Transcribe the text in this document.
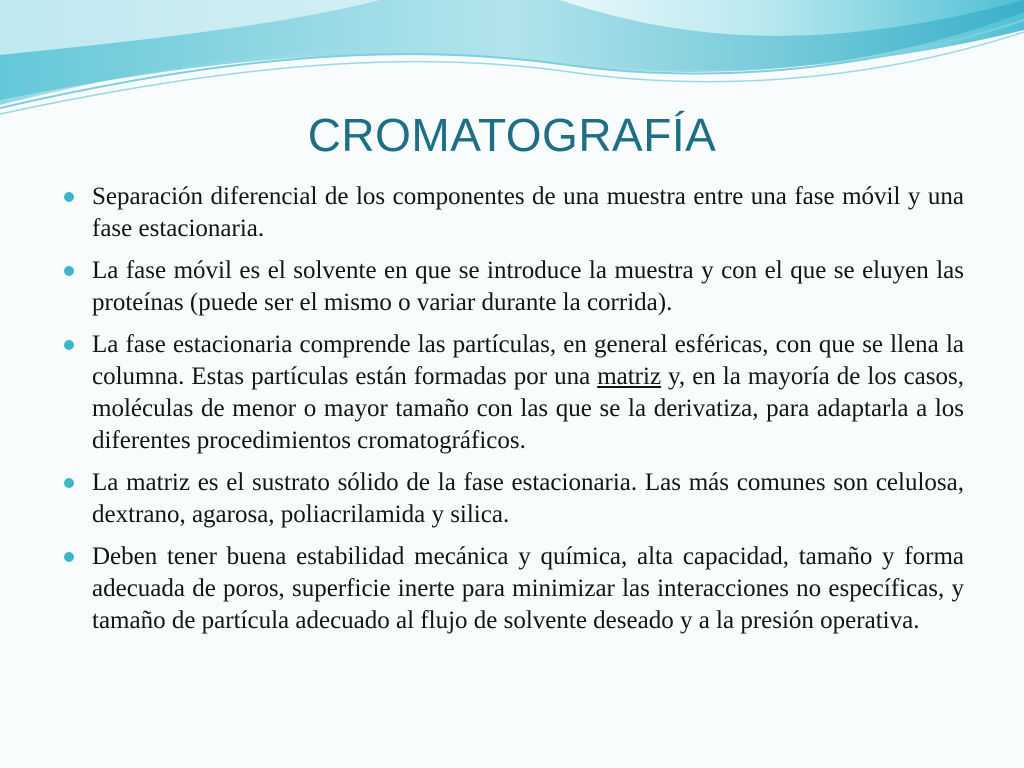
CROMATOGRAFÍA
Separación diferencial de los componentes de una muestra entre una fase móvil y una fase estacionaria.
La fase móvil es el solvente en que se introduce la muestra y con el que se eluyen las proteínas (puede ser el mismo o variar durante la corrida).
La fase estacionaria comprende las partículas, en general esféricas, con que se llena la columna. Estas partículas están formadas por una matriz y, en la mayoría de los casos, moléculas de menor o mayor tamaño con las que se la derivatiza, para adaptarla a los diferentes procedimientos cromatográficos.
La matriz es el sustrato sólido de la fase estacionaria. Las más comunes son celulosa, dextrano, agarosa, poliacrilamida y silica.
Deben tener buena estabilidad mecánica y química, alta capacidad, tamaño y forma adecuada de poros, superficie inerte para minimizar las interacciones no específicas, y tamaño de partícula adecuado al flujo de solvente deseado y a la presión operativa.
